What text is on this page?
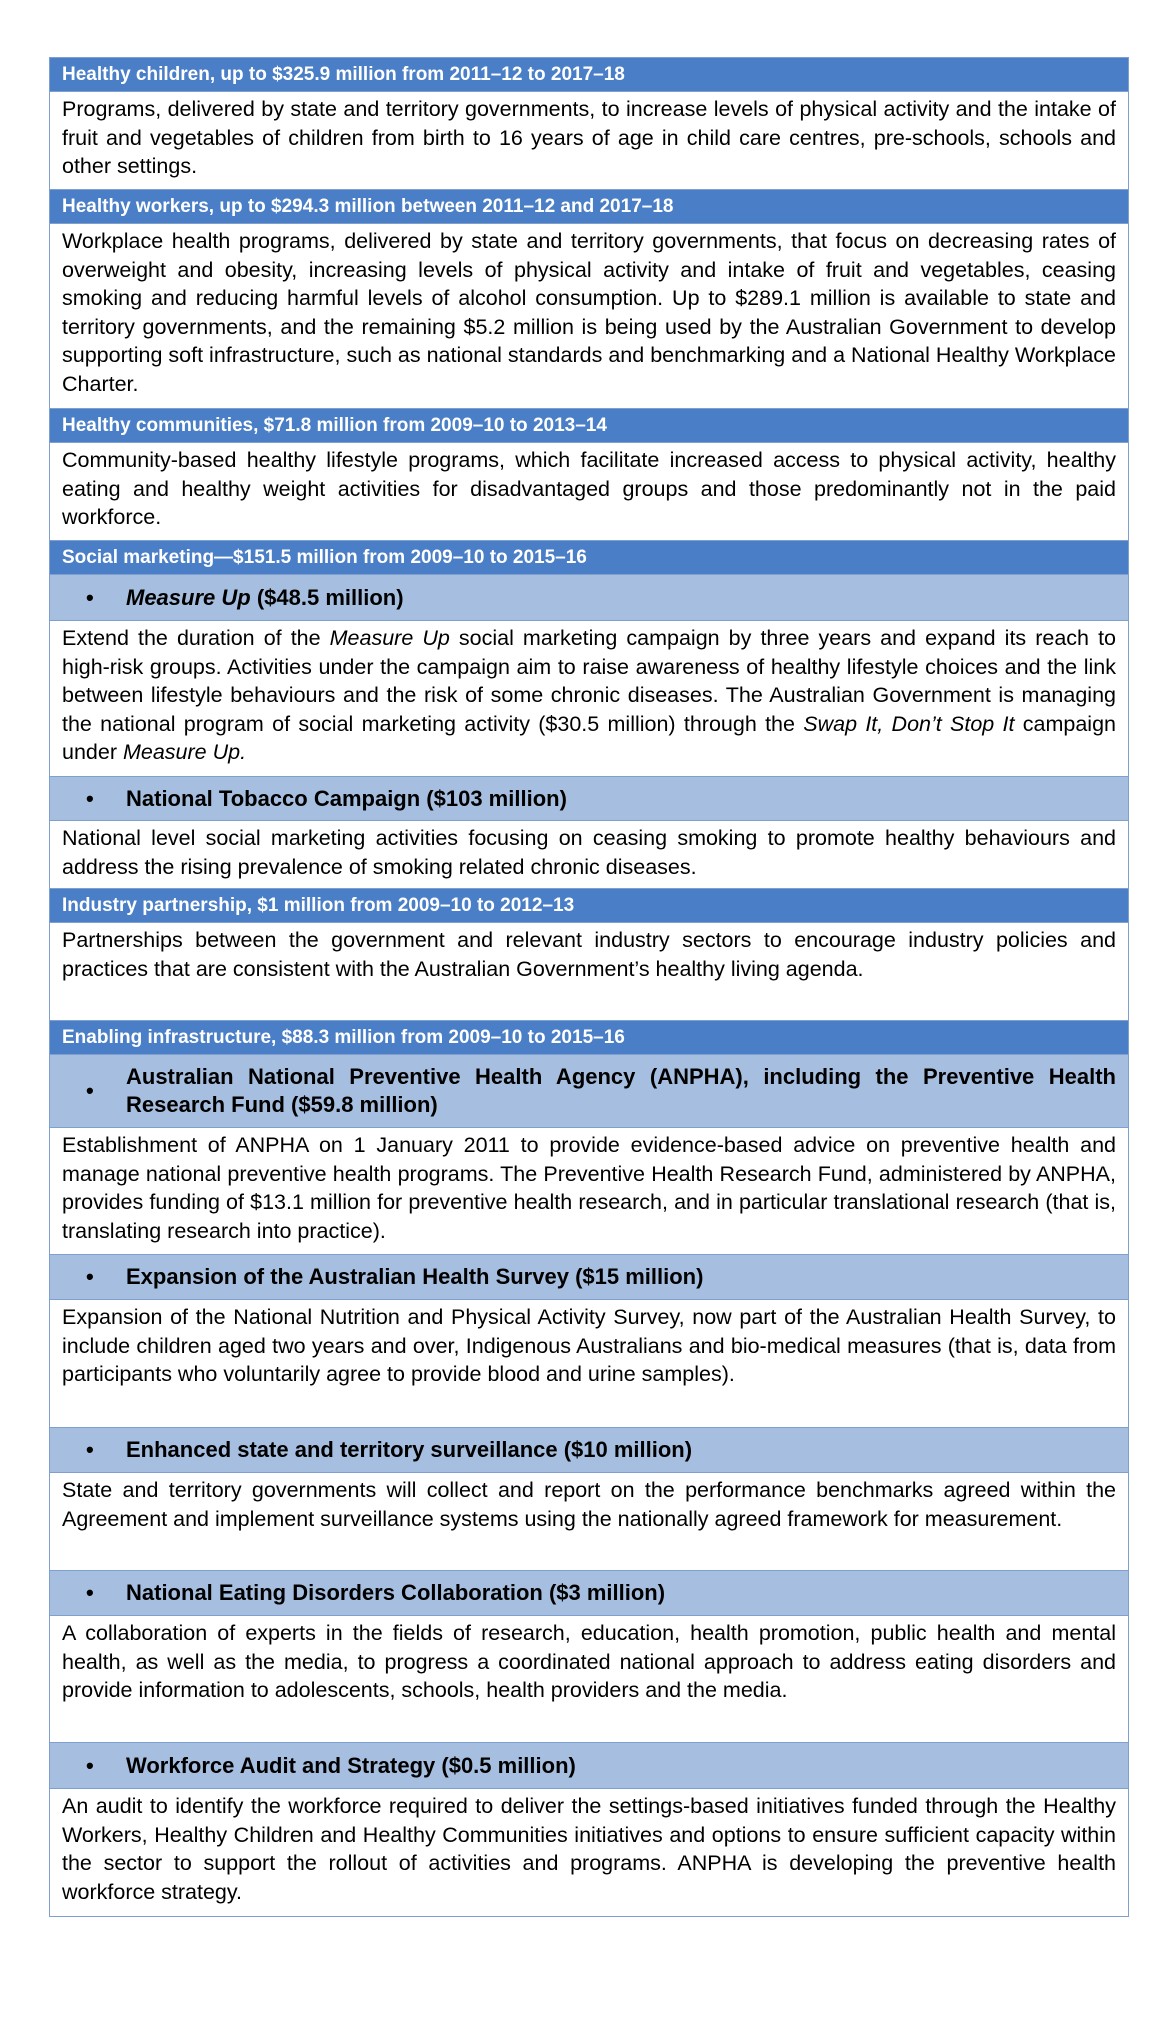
Healthy children, up to $325.9 million from 2011–12 to 2017–18
Programs, delivered by state and territory governments, to increase levels of physical activity and the intake of fruit and vegetables of children from birth to 16 years of age in child care centres, pre-schools, schools and other settings.
Healthy workers, up to $294.3 million between 2011–12 and 2017–18
Workplace health programs, delivered by state and territory governments, that focus on decreasing rates of overweight and obesity, increasing levels of physical activity and intake of fruit and vegetables, ceasing smoking and reducing harmful levels of alcohol consumption. Up to $289.1 million is available to state and territory governments, and the remaining $5.2 million is being used by the Australian Government to develop supporting soft infrastructure, such as national standards and benchmarking and a National Healthy Workplace Charter.
Healthy communities, $71.8 million from 2009–10 to 2013–14
Community-based healthy lifestyle programs, which facilitate increased access to physical activity, healthy eating and healthy weight activities for disadvantaged groups and those predominantly not in the paid workforce.
Social marketing—$151.5 million from 2009–10 to 2015–16
•	Measure Up ($48.5 million)
Extend the duration of the Measure Up social marketing campaign by three years and expand its reach to high-risk groups. Activities under the campaign aim to raise awareness of healthy lifestyle choices and the link between lifestyle behaviours and the risk of some chronic diseases. The Australian Government is managing the national program of social marketing activity ($30.5 million) through the Swap It, Don’t Stop It campaign under Measure Up.
•	National Tobacco Campaign ($103 million)
National level social marketing activities focusing on ceasing smoking to promote healthy behaviours and address the rising prevalence of smoking related chronic diseases.
Industry partnership, $1 million from 2009–10 to 2012–13
Partnerships between the government and relevant industry sectors to encourage industry policies and practices that are consistent with the Australian Government’s healthy living agenda.
Enabling infrastructure, $88.3 million from 2009–10 to 2015–16
•
Australian National Preventive Health Agency (ANPHA), including the Preventive Health Research Fund ($59.8 million)
Establishment of ANPHA on 1 January 2011 to provide evidence-based advice on preventive health and manage national preventive health programs. The Preventive Health Research Fund, administered by ANPHA, provides funding of $13.1 million for preventive health research, and in particular translational research (that is, translating research into practice).
•	Expansion of the Australian Health Survey ($15 million)
Expansion of the National Nutrition and Physical Activity Survey, now part of the Australian Health Survey, to include children aged two years and over, Indigenous Australians and bio-medical measures (that is, data from participants who voluntarily agree to provide blood and urine samples).
•	Enhanced state and territory surveillance ($10 million)
State and territory governments will collect and report on the performance benchmarks agreed within the Agreement and implement surveillance systems using the nationally agreed framework for measurement.
•	National Eating Disorders Collaboration ($3 million)
A collaboration of experts in the fields of research, education, health promotion, public health and mental health, as well as the media, to progress a coordinated national approach to address eating disorders and provide information to adolescents, schools, health providers and the media.
•	Workforce Audit and Strategy ($0.5 million)
An audit to identify the workforce required to deliver the settings-based initiatives funded through the Healthy Workers, Healthy Children and Healthy Communities initiatives and options to ensure sufficient capacity within the sector to support the rollout of activities and programs. ANPHA is developing the preventive health workforce strategy.
